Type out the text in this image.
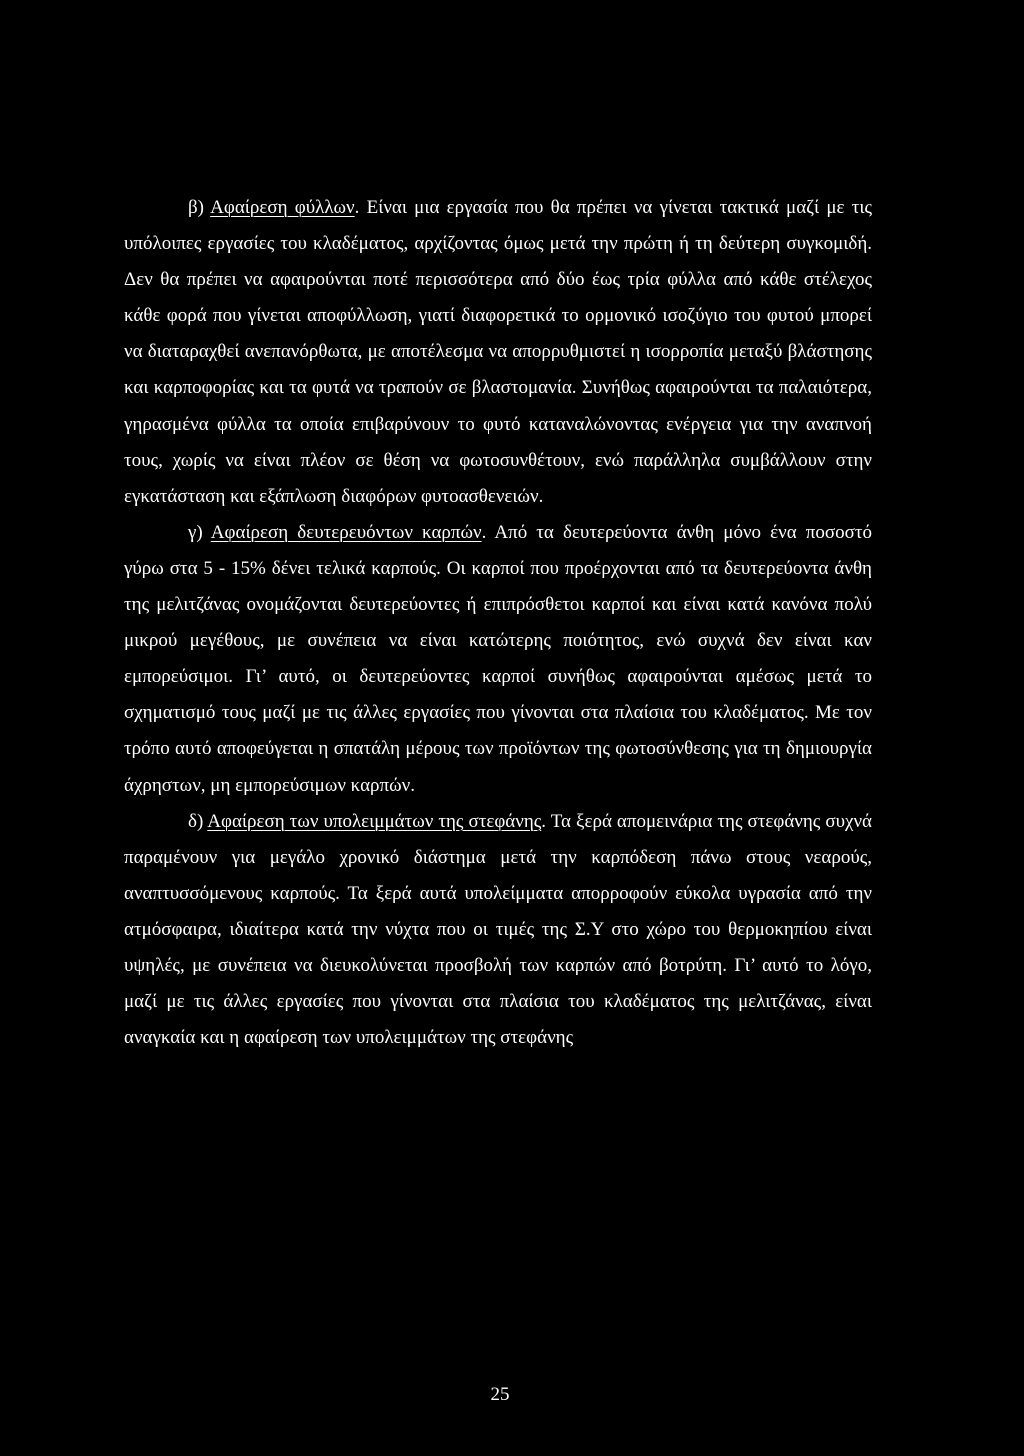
β) Αφαίρεση φύλλων. Είναι μια εργασία που θα πρέπει να γίνεται τακτικά μαζί με τις υπόλοιπες εργασίες του κλαδέματος, αρχίζοντας όμως μετά την πρώτη ή τη δεύτερη συγκομιδή. Δεν θα πρέπει να αφαιρούνται ποτέ περισσότερα από δύο έως τρία φύλλα από κάθε στέλεχος κάθε φορά που γίνεται αποφύλλωση, γιατί διαφορετικά το ορμονικό ισοζύγιο του φυτού μπορεί να διαταραχθεί ανεπανόρθωτα, με αποτέλεσμα να απορρυθμιστεί η ισορροπία μεταξύ βλάστησης και καρποφορίας και τα φυτά να τραπούν σε βλαστομανία. Συνήθως αφαιρούνται τα παλαιότερα, γηρασμένα φύλλα τα οποία επιβαρύνουν το φυτό καταναλώνοντας ενέργεια για την αναπνοή τους, χωρίς να είναι πλέον σε θέση να φωτοσυνθέτουν, ενώ παράλληλα συμβάλλουν στην εγκατάσταση και εξάπλωση διαφόρων φυτοασθενειών.

γ) Αφαίρεση δευτερευόντων καρπών. Από τα δευτερεύοντα άνθη μόνο ένα ποσοστό γύρω στα 5 - 15% δένει τελικά καρπούς. Οι καρποί που προέρχονται από τα δευτερεύοντα άνθη της μελιτζάνας ονομάζονται δευτερεύοντες ή επιπρόσθετοι καρποί και είναι κατά κανόνα πολύ μικρού μεγέθους, με συνέπεια να είναι κατώτερης ποιότητος, ενώ συχνά δεν είναι καν εμπορεύσιμοι. Γι’ αυτό, οι δευτερεύοντες καρποί συνήθως αφαιρούνται αμέσως μετά το σχηματισμό τους μαζί με τις άλλες εργασίες που γίνονται στα πλαίσια του κλαδέματος. Με τον τρόπο αυτό αποφεύγεται η σπατάλη μέρους των προϊόντων της φωτοσύνθεσης για τη δημιουργία άχρηστων, μη εμπορεύσιμων καρπών.

δ) Αφαίρεση των υπολειμμάτων της στεφάνης. Τα ξερά απομεινάρια της στεφάνης συχνά παραμένουν για μεγάλο χρονικό διάστημα μετά την καρπόδεση πάνω στους νεαρούς, αναπτυσσόμενους καρπούς. Τα ξερά αυτά υπολείμματα απορροφούν εύκολα υγρασία από την ατμόσφαιρα, ιδιαίτερα κατά την νύχτα που οι τιμές της Σ.Υ στο χώρο του θερμοκηπίου είναι υψηλές, με συνέπεια να διευκολύνεται προσβολή των καρπών από βοτρύτη. Γι’ αυτό το λόγο, μαζί με τις άλλες εργασίες που γίνονται στα πλαίσια του κλαδέματος της μελιτζάνας, είναι αναγκαία και η αφαίρεση των υπολειμμάτων της στεφάνης

25
